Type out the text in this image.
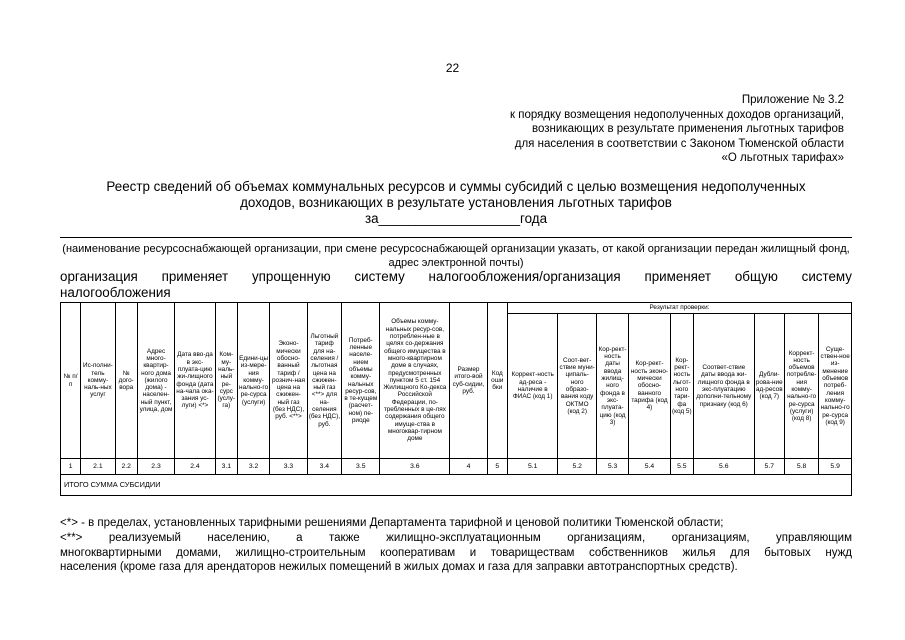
22
Приложение № 3.2
к порядку возмещения недополученных доходов организаций,
возникающих в результате применения льготных тарифов
для населения в соответствии с Законом Тюменской области
«О льготных тарифах»
Реестр сведений об объемах коммунальных ресурсов и суммы субсидий с целью возмещения недополученных
доходов, возникающих в результате установления льготных тарифов
за___________________года
(наименование ресурсоснабжающей организации, при смене ресурсоснабжающей организации указать, от какой организации передан жилищный фонд, адрес электронной почты)
организация применяет упрощенную систему налогообложения/организация применяет общую систему
налогообложения
№ п/п	Ис-полни-тель комму-наль-ных услуг	№ дого-вора	Адрес много-квартир-ного дома (жилого дома) - населен-ный пункт, улица, дом	Дата вво-да в экс-плуата-цию жи-лищного фонда (дата на-чала ока-зания ус-луги) <*>	Ком-му-наль-ный ре-сурс (услу-га)	Едини-цы из-мере-ния комму-нально-го ре-сурса (услуги)	Эконо-мически обосно-ванный тариф / рознич-ная цена на сжижен-ный газ (без НДС), руб. <**>	Льготный тариф для на-селения / льготная цена на сжижен-ный газ <**> для на-селения (без НДС), руб.	Потреб-ленные населе-нием объемы комму-нальных ресур-сов, в те-кущем (расчет-ном) пе-риоде	Объемы комму-нальных ресур-сов, потреблен-ные в целях со-держания общего имущества в много-квартирном доме в случаях, предусмотренных пунктом 5 ст. 154 Жилищного Ко-декса Российской Федерации, по-требленных в це-лях содержания общего имуще-ства в многоквар-тирном доме	Размер итого-вой суб-сидии, руб.	Код оши бки	Результат проверки:								
													Коррект-ность ад-реса - наличие в ФИАС (код 1)	Соот-вет-ствие муни-ципаль-ного образо-вания коду ОКТМО (код 2)	Кор-рект-ность даты ввода жилищ-ного фонда в экс-плуата-цию (код 3)	Кор-рект-ность эконо-мически обосно-ванного тарифа (код 4)	Кор-рект-ность льгот-ного тари-фа (код 5)	Соответ-ствие даты ввода жи-лищного фонда в экс-плуатацию дополни-тельному признаку (код 6)	Дубли-рова-ние ад-ресов (код 7)	Коррект-ность объемов потребле-ния комму-нально-го ре-сурса (услуги) (код 8)	Суще-ствен-ное из-менение объемов потреб-ления комму-нально-го ре-сурса (код 9)
1	2.1	2.2	2.3	2.4	3.1	3.2	3.3	3.4	3.5	3.6	4	5	5.1	5.2	5.3	5.4	5.5	5.6	5.7	5.8	5.9
ИТОГО СУММА СУБСИДИИ																					
<*> - в пределах, установленных тарифными решениями Департамента тарифной и ценовой политики Тюменской области;
<**> реализуемый населению, а также жилищно-эксплуатационным организациям, организациям, управляющим
многоквартирными домами, жилищно-строительным кооперативам и товариществам собственников жилья для бытовых нужд
населения (кроме газа для арендаторов нежилых помещений в жилых домах и газа для заправки автотранспортных средств).
